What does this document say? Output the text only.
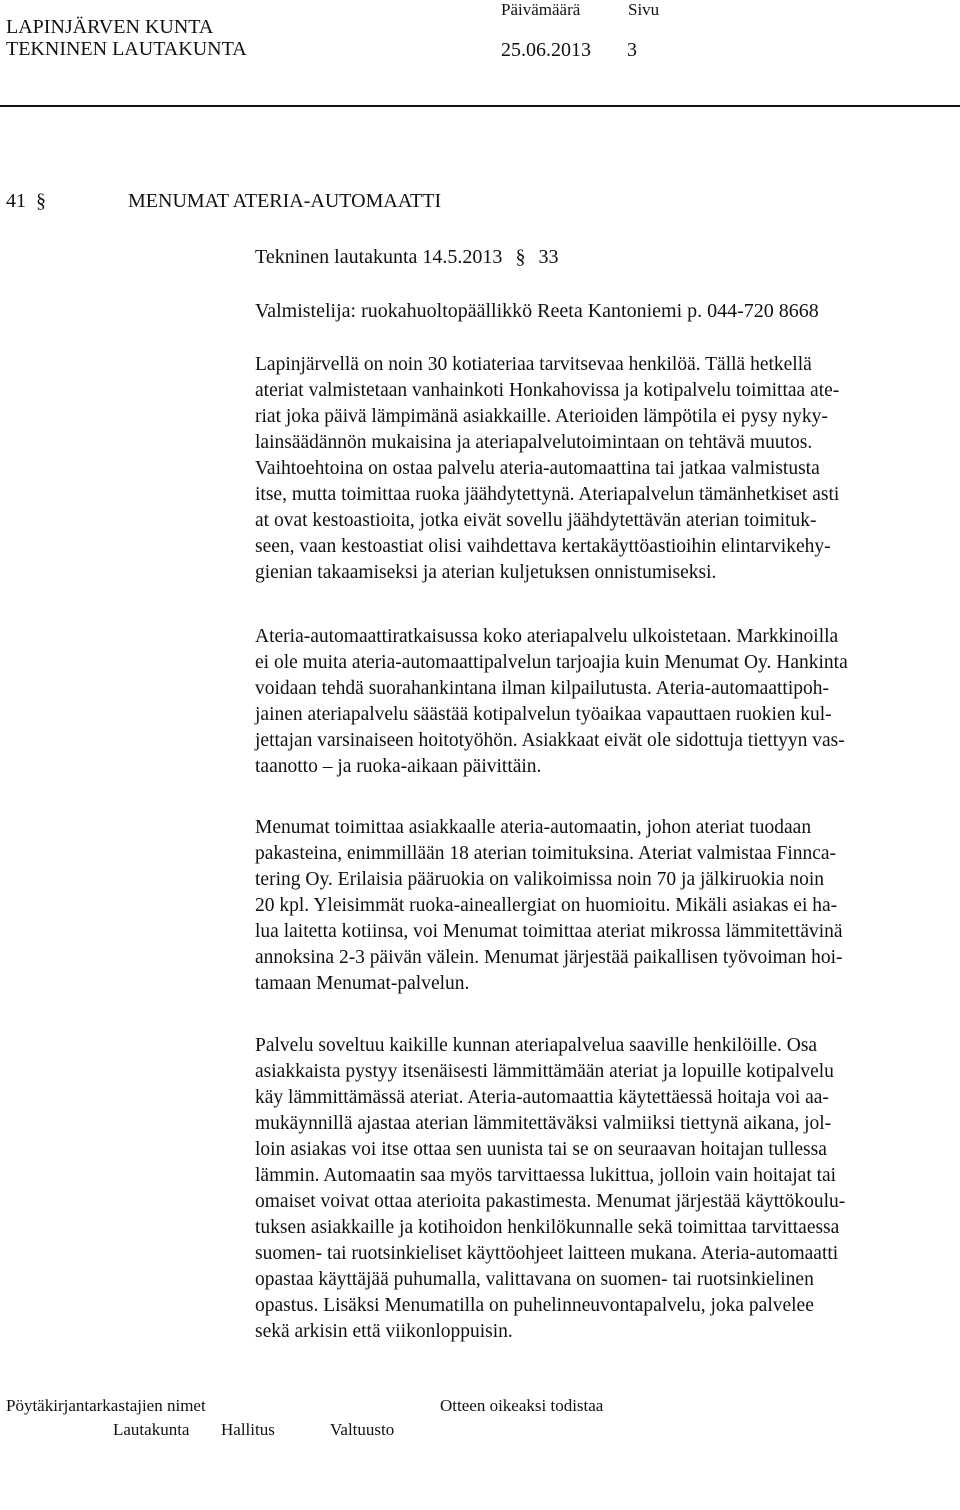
LAPINJÄRVEN KUNTA
TEKNINEN LAUTAKUNTA
Päivämäärä	Sivu
25.06.2013 3
41 §	MENUMAT ATERIA-AUTOMAATTI
Tekninen lautakunta 14.5.2013 § 33
Valmistelija: ruokahuoltopäällikkö Reeta Kantoniemi p. 044-720 8668
Lapinjärvellä on noin 30 kotiateriaa tarvitsevaa henkilöä. Tällä hetkellä
ateriat valmistetaan vanhainkoti Honkahovissa ja kotipalvelu toimittaa ate-
riat joka päivä lämpimänä asiakkaille. Aterioiden lämpötila ei pysy nyky-
lainsäädännön mukaisina ja ateriapalvelutoimintaan on tehtävä muutos.
Vaihtoehtoina on ostaa palvelu ateria-automaattina tai jatkaa valmistusta
itse, mutta toimittaa ruoka jäähdytettynä. Ateriapalvelun tämänhetkiset asti
at ovat kestoastioita, jotka eivät sovellu jäähdytettävän aterian toimituk-
seen, vaan kestoastiat olisi vaihdettava kertakäyttöastioihin elintarvikehy-
gienian takaamiseksi ja aterian kuljetuksen onnistumiseksi.
Ateria-automaattiratkaisussa koko ateriapalvelu ulkoistetaan. Markkinoilla
ei ole muita ateria-automaattipalvelun tarjoajia kuin Menumat Oy. Hankinta
voidaan tehdä suorahankintana ilman kilpailutusta. Ateria-automaattipoh-
jainen ateriapalvelu säästää kotipalvelun työaikaa vapauttaen ruokien kul-
jettajan varsinaiseen hoitotyöhön. Asiakkaat eivät ole sidottuja tiettyyn vas-
taanotto – ja ruoka-aikaan päivittäin.
Menumat toimittaa asiakkaalle ateria-automaatin, johon ateriat tuodaan
pakasteina, enimmillään 18 aterian toimituksina. Ateriat valmistaa Finnca-
tering Oy. Erilaisia pääruokia on valikoimissa noin 70 ja jälkiruokia noin
20 kpl. Yleisimmät ruoka-aineallergiat on huomioitu. Mikäli asiakas ei ha-
lua laitetta kotiinsa, voi Menumat toimittaa ateriat mikrossa lämmitettävinä
annoksina 2-3 päivän välein. Menumat järjestää paikallisen työvoiman hoi-
tamaan Menumat-palvelun.
Palvelu soveltuu kaikille kunnan ateriapalvelua saaville henkilöille. Osa
asiakkaista pystyy itsenäisesti lämmittämään ateriat ja lopuille kotipalvelu
käy lämmittämässä ateriat. Ateria-automaattia käytettäessä hoitaja voi aa-
mukäynnillä ajastaa aterian lämmitettäväksi valmiiksi tiettynä aikana, jol-
loin asiakas voi itse ottaa sen uunista tai se on seuraavan hoitajan tullessa
lämmin. Automaatin saa myös tarvittaessa lukittua, jolloin vain hoitajat tai
omaiset voivat ottaa aterioita pakastimesta. Menumat järjestää käyttökoulu-
tuksen asiakkaille ja kotihoidon henkilökunnalle sekä toimittaa tarvittaessa
suomen- tai ruotsinkieliset käyttöohjeet laitteen mukana. Ateria-automaatti
opastaa käyttäjää puhumalla, valittavana on suomen- tai ruotsinkielinen
opastus. Lisäksi Menumatilla on puhelinneuvontapalvelu, joka palvelee
sekä arkisin että viikonloppuisin.
Pöytäkirjantarkastajien nimet	Otteen oikeaksi todistaa
Lautakunta Hallitus	Valtuusto
